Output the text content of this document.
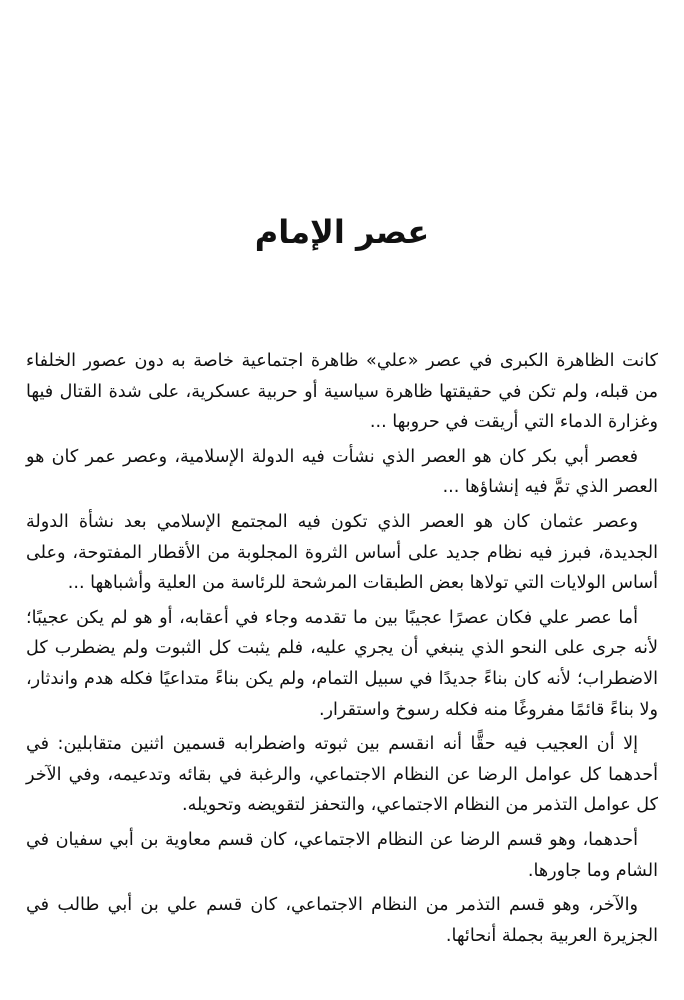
عصر الإمام

كانت الظاهرة الكبرى في عصر «علي» ظاهرة اجتماعية خاصة به دون عصور الخلفاء من قبله، ولم تكن في حقيقتها ظاهرة سياسية أو حربية عسكرية، على شدة القتال فيها وغزارة الدماء التي أريقت في حروبها ...

فعصر أبي بكر كان هو العصر الذي نشأت فيه الدولة الإسلامية، وعصر عمر كان هو العصر الذي تمَّ فيه إنشاؤها ...

وعصر عثمان كان هو العصر الذي تكون فيه المجتمع الإسلامي بعد نشأة الدولة الجديدة، فبرز فيه نظام جديد على أساس الثروة المجلوبة من الأقطار المفتوحة، وعلى أساس الولايات التي تولاها بعض الطبقات المرشحة للرئاسة من العلية وأشباهها ...

أما عصر علي فكان عصرًا عجيبًا بين ما تقدمه وجاء في أعقابه، أو هو لم يكن عجيبًا؛ لأنه جرى على النحو الذي ينبغي أن يجري عليه، فلم يثبت كل الثبوت ولم يضطرب كل الاضطراب؛ لأنه كان بناءً جديدًا في سبيل التمام، ولم يكن بناءً متداعيًا فكله هدم واندثار، ولا بناءً قائمًا مفروغًا منه فكله رسوخ واستقرار.

إلا أن العجيب فيه حقًّا أنه انقسم بين ثبوته واضطرابه قسمين اثنين متقابلين: في أحدهما كل عوامل الرضا عن النظام الاجتماعي، والرغبة في بقائه وتدعيمه، وفي الآخر كل عوامل التذمر من النظام الاجتماعي، والتحفز لتقويضه وتحويله.

أحدهما، وهو قسم الرضا عن النظام الاجتماعي، كان قسم معاوية بن أبي سفيان في الشام وما جاورها.

والآخر، وهو قسم التذمر من النظام الاجتماعي، كان قسم علي بن أبي طالب في الجزيرة العربية بجملة أنحائها.
